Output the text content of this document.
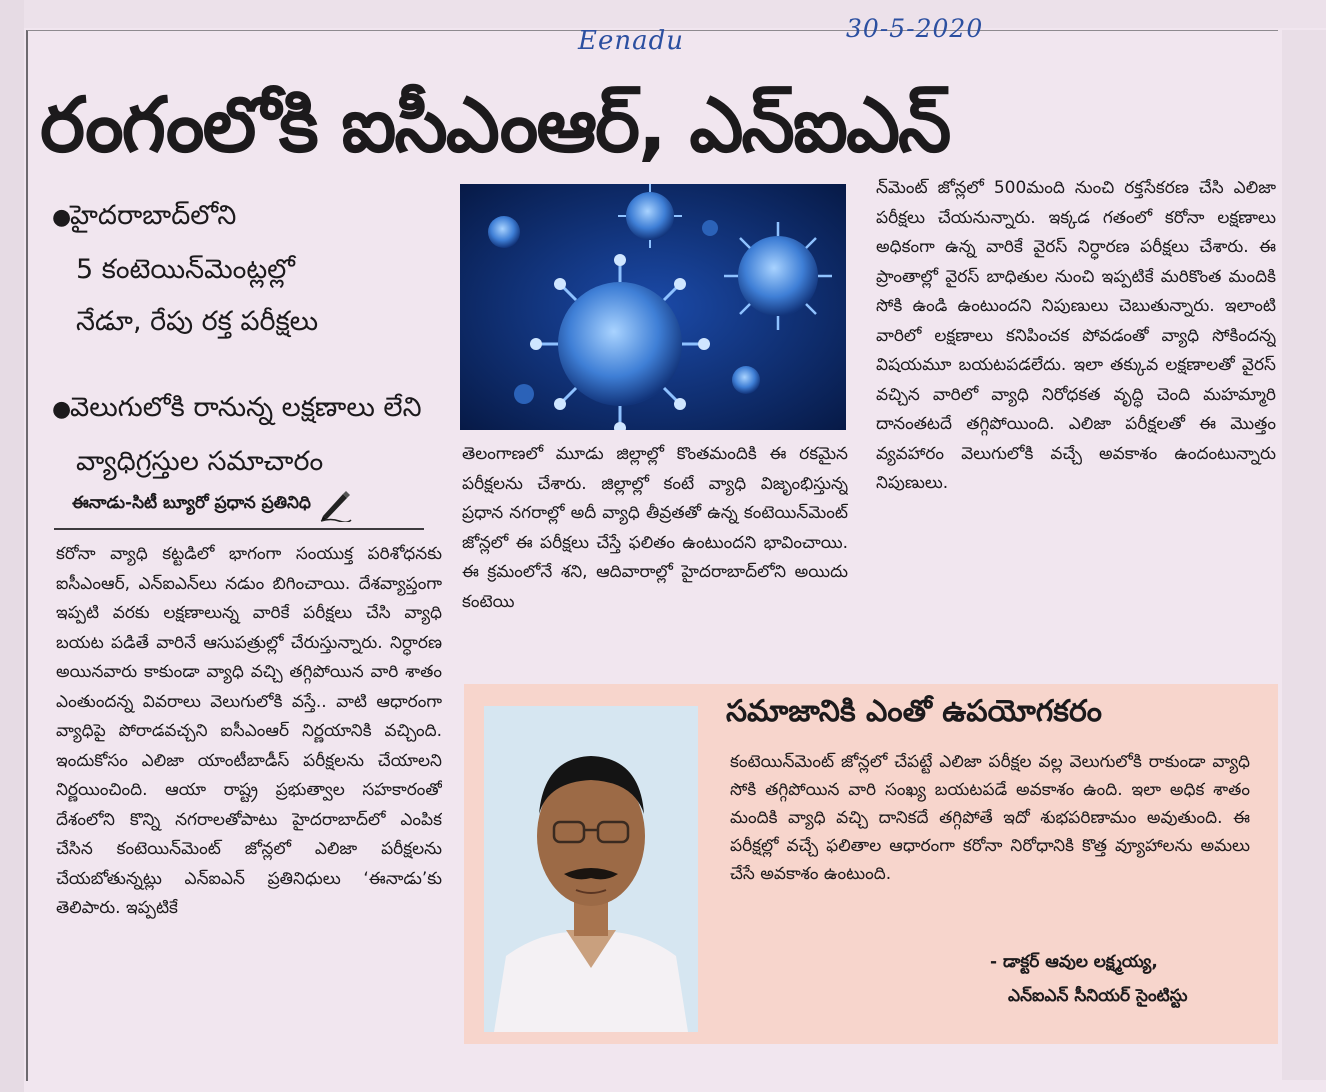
Eenadu	30-5-2020
రంగంలోకి ఐసీఎంఆర్‌, ఎన్‌ఐఎన్‌
●హైదరాబాద్‌లోని
5 కంటెయిన్‌మెంట్లల్లో
నేడూ, రేపు రక్త పరీక్షలు
●వెలుగులోకి రానున్న లక్షణాలు లేని
వ్యాధిగ్రస్తుల సమాచారం
ఈనాడు-సిటీ బ్యూరో ప్రధాన ప్రతినిధి

కరోనా వ్యాధి కట్టడిలో భాగంగా సంయుక్త పరిశోధనకు ఐసీఎంఆర్‌, ఎన్‌ఐఎన్‌లు నడుం బిగించాయి. దేశవ్యాప్తంగా ఇప్పటి వరకు లక్షణాలున్న వారికే పరీక్షలు చేసి వ్యాధి బయట పడితే వారినే ఆసుపత్రుల్లో చేరుస్తున్నారు. నిర్ధారణ అయినవారు కాకుండా వ్యాధి వచ్చి తగ్గిపోయిన వారి శాతం ఎంతుందన్న వివరాలు వెలుగులోకి వస్తే.. వాటి ఆధారంగా వ్యాధిపై పోరాడవచ్చని ఐసీఎంఆర్‌ నిర్ణయానికి వచ్చింది. ఇందుకోసం ఎలిజా యాంటీబాడీస్‌ పరీక్షలను చేయాలని నిర్ణయించింది. ఆయా రాష్ట్ర ప్రభుత్వాల సహకారంతో దేశంలోని కొన్ని నగరాలతోపాటు హైదరాబాద్‌లో ఎంపిక చేసిన కంటెయిన్‌మెంట్‌ జోన్లలో ఎలిజా పరీక్షలను చేయబోతున్నట్లు ఎన్‌ఐఎన్‌ ప్రతినిధులు ‘ఈనాడు’కు తెలిపారు. ఇప్పటికే

తెలంగాణలో మూడు జిల్లాల్లో కొంతమందికి ఈ రకమైన పరీక్షలను చేశారు. జిల్లాల్లో కంటే వ్యాధి విజృంభిస్తున్న ప్రధాన నగరాల్లో అదీ వ్యాధి తీవ్రతతో ఉన్న కంటెయిన్‌మెంట్‌ జోన్లలో ఈ పరీక్షలు చేస్తే ఫలితం ఉంటుందని భావించాయి. ఈ క్రమంలోనే శని, ఆదివారాల్లో హైదరాబాద్‌లోని అయిదు కంటెయి

న్‌మెంట్‌ జోన్లలో 500మంది నుంచి రక్తసేకరణ చేసి ఎలిజా పరీక్షలు చేయనున్నారు. ఇక్కడ గతంలో కరోనా లక్షణాలు అధికంగా ఉన్న వారికే వైరస్‌ నిర్ధారణ పరీక్షలు చేశారు. ఈ ప్రాంతాల్లో వైరస్‌ బాధితుల నుంచి ఇప్పటికే మరికొంత మందికి సోకి ఉండి ఉంటుందని నిపుణులు చెబుతున్నారు. ఇలాంటి వారిలో లక్షణాలు కనిపించక పోవడంతో వ్యాధి సోకిందన్న విషయమూ బయటపడలేదు. ఇలా తక్కువ లక్షణాలతో వైరస్‌ వచ్చిన వారిలో వ్యాధి నిరోధకత వృద్ధి చెంది మహమ్మారి దానంతటదే తగ్గిపోయింది. ఎలిజా పరీక్షలతో ఈ మొత్తం వ్యవహారం వెలుగులోకి వచ్చే అవకాశం ఉందంటున్నారు నిపుణులు.

సమాజానికి ఎంతో ఉపయోగకరం
కంటెయిన్‌మెంట్‌ జోన్లలో చేపట్టే ఎలిజా పరీక్షల వల్ల వెలుగులోకి రాకుండా వ్యాధి సోకి తగ్గిపోయిన వారి సంఖ్య బయటపడే అవకాశం ఉంది. ఇలా అధిక శాతం మందికి వ్యాధి వచ్చి దానికదే తగ్గిపోతే ఇదో శుభపరిణామం అవుతుంది. ఈ పరీక్షల్లో వచ్చే ఫలితాల ఆధారంగా కరోనా నిరోధానికి కొత్త వ్యూహాలను అమలు చేసే అవకాశం ఉంటుంది.
- డాక్టర్‌ ఆవుల లక్ష్మయ్య,
ఎన్‌ఐఎన్‌ సీనియర్‌ సైంటిస్టు
